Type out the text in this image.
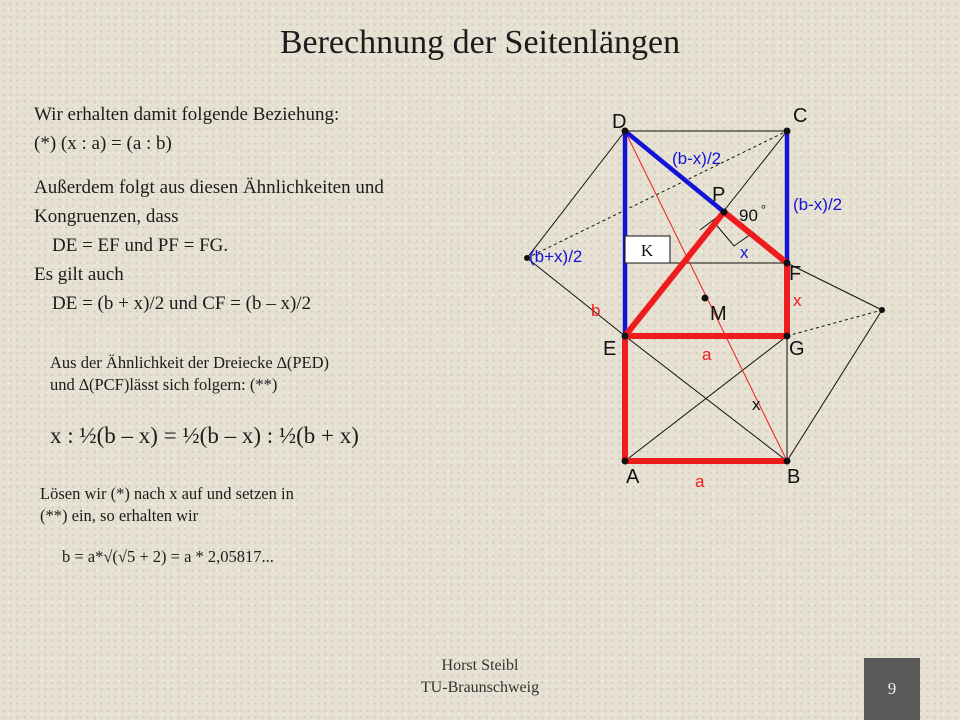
Berechnung der Seitenlängen
Wir erhalten damit folgende Beziehung:
(*) (x : a) = (a : b)
Außerdem folgt aus diesen Ähnlichkeiten und
Kongruenzen, dass
DE = EF und PF = FG.
Es gilt auch
DE = (b + x)/2 und CF = (b – x)/2
Aus der Ähnlichkeit der Dreiecke ∆(PED)
und ∆(PCF)lässt sich folgern: (**)
x : ½(b – x) = ½(b – x) : ½(b + x)
Lösen wir (*) nach x auf und setzen in
(**) ein, so erhalten wir
b = a*√(√5 + 2) = a * 2,05817...
K
D	C
P
F
M
E	G
A	B
(b-x)/2
(b-x)/2
(b+x)/2
90 °
x
x
x
b
a
a
Horst Steibl
TU-Braunschweig	9
